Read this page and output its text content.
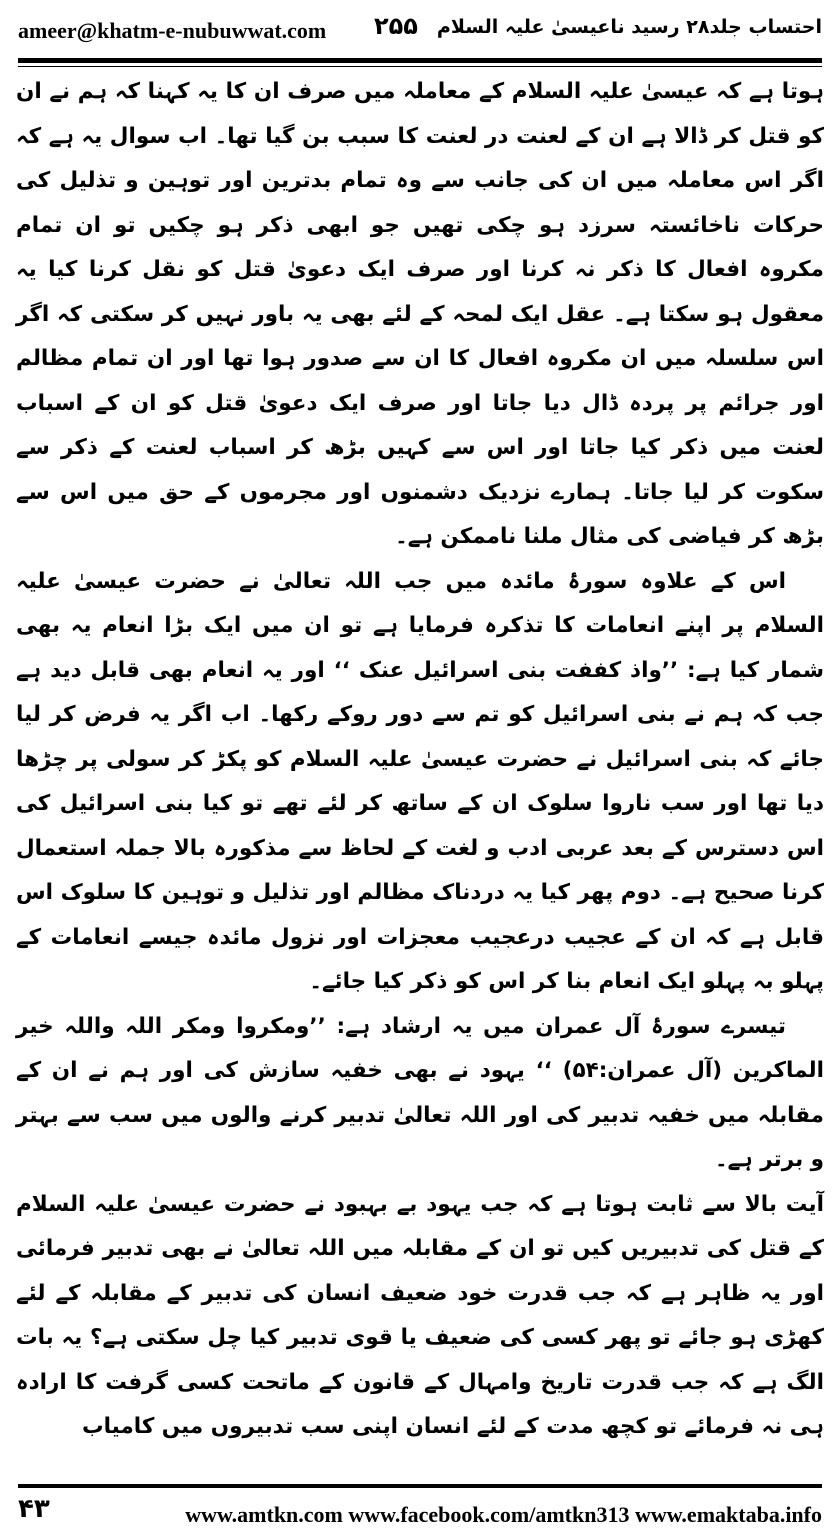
ameer@khatm-e-nubuwwat.com ۲۵۵ احتساب جلد۲۸ رسید ناعیسیٰ علیہ السلام

ہوتا ہے کہ عیسیٰ علیہ السلام کے معاملہ میں صرف ان کا یہ کہنا کہ ہم نے ان کو قتل کر ڈالا ہے ان کے لعنت در لعنت کا سبب بن گیا تھا۔ اب سوال یہ ہے کہ اگر اس معاملہ میں ان کی جانب سے وہ تمام بدترین اور توہین و تذلیل کی حرکات ناخائستہ سرزد ہو چکی تھیں جو ابھی ذکر ہو چکیں تو ان تمام مکروہ افعال کا ذکر نہ کرنا اور صرف ایک دعویٰ قتل کو نقل کرنا کیا یہ معقول ہو سکتا ہے۔ عقل ایک لمحہ کے لئے بھی یہ باور نہیں کر سکتی کہ اگر اس سلسلہ میں ان مکروہ افعال کا ان سے صدور ہوا تھا اور ان تمام مظالم اور جرائم پر پردہ ڈال دیا جاتا اور صرف ایک دعویٰ قتل کو ان کے اسباب لعنت میں ذکر کیا جاتا اور اس سے کہیں بڑھ کر اسباب لعنت کے ذکر سے سکوت کر لیا جاتا۔ ہمارے نزدیک دشمنوں اور مجرموں کے حق میں اس سے بڑھ کر فیاضی کی مثال ملنا ناممکن ہے۔

اس کے علاوہ سورۂ مائدہ میں جب اللہ تعالیٰ نے حضرت عیسیٰ علیہ السلام پر اپنے انعامات کا تذکرہ فرمایا ہے تو ان میں ایک بڑا انعام یہ بھی شمار کیا ہے: ’’واذ کففت بنی اسرائیل عنک ‘‘ اور یہ انعام بھی قابل دید ہے جب کہ ہم نے بنی اسرائیل کو تم سے دور روکے رکھا۔ اب اگر یہ فرض کر لیا جائے کہ بنی اسرائیل نے حضرت عیسیٰ علیہ السلام کو پکڑ کر سولی پر چڑھا دیا تھا اور سب ناروا سلوک ان کے ساتھ کر لئے تھے تو کیا بنی اسرائیل کی اس دسترس کے بعد عربی ادب و لغت کے لحاظ سے مذکورہ بالا جملہ استعمال کرنا صحیح ہے۔ دوم پھر کیا یہ دردناک مظالم اور تذلیل و توہین کا سلوک اس قابل ہے کہ ان کے عجیب درعجیب معجزات اور نزول مائدہ جیسے انعامات کے پہلو بہ پہلو ایک انعام بنا کر اس کو ذکر کیا جائے۔

تیسرے سورۂ آل عمران میں یہ ارشاد ہے: ’’ومکروا ومکر اللہ واللہ خیر الماکرین (آل عمران:۵۴) ‘‘ یہود نے بھی خفیہ سازش کی اور ہم نے ان کے مقابلہ میں خفیہ تدبیر کی اور اللہ تعالیٰ تدبیر کرنے والوں میں سب سے بہتر و برتر ہے۔

آیت بالا سے ثابت ہوتا ہے کہ جب یہود بے بہبود نے حضرت عیسیٰ علیہ السلام کے قتل کی تدبیریں کیں تو ان کے مقابلہ میں اللہ تعالیٰ نے بھی تدبیر فرمائی اور یہ ظاہر ہے کہ جب قدرت خود ضعیف انسان کی تدبیر کے مقابلہ کے لئے کھڑی ہو جائے تو پھر کسی کی ضعیف یا قوی تدبیر کیا چل سکتی ہے؟ یہ بات الگ ہے کہ جب قدرت تاریخ وامہال کے قانون کے ماتحت کسی گرفت کا ارادہ ہی نہ فرمائے تو کچھ مدت کے لئے انسان اپنی سب تدبیروں میں کامیاب

۴۳	www.amtkn.com www.facebook.com/amtkn313 www.emaktaba.info
